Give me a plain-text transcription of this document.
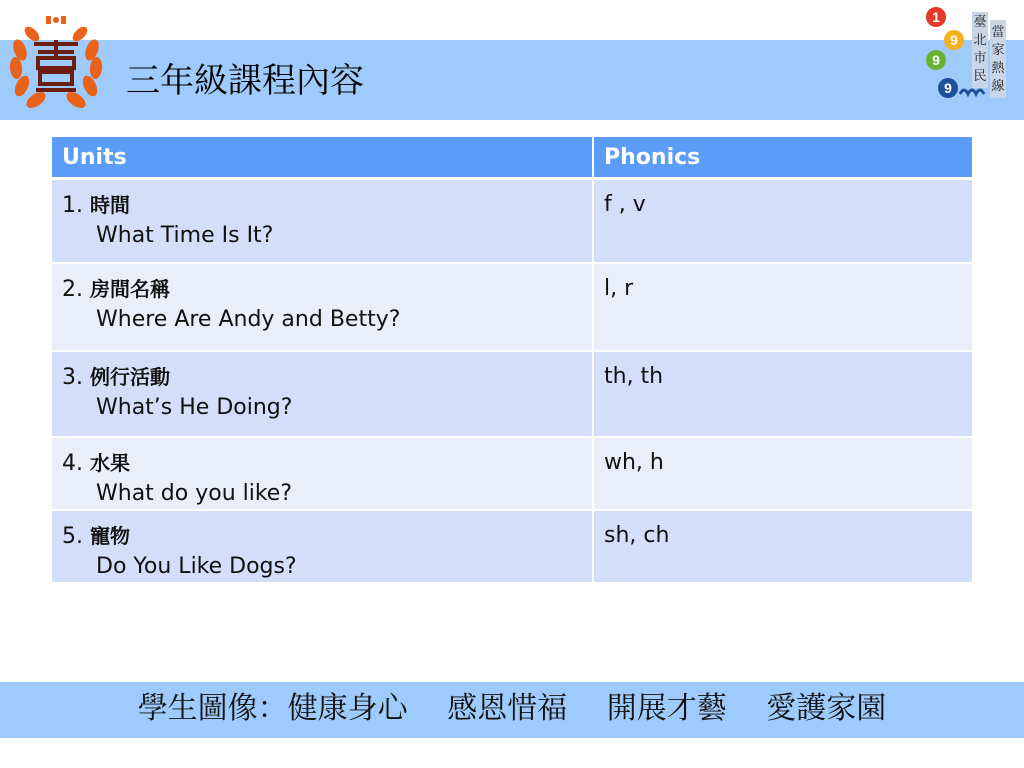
三年級課程內容
1
9
9
9
臺
北
市
民
當
家
熱
線
Units	Phonics
1. 時間
What Time Is It?	f , v
2. 房間名稱
Where Are Andy and Betty?	l, r
3. 例行活動
What’s He Doing?	th, th
4. 水果
What do you like?	wh, h
5. 寵物
Do You Like Dogs?	sh, ch
學生圖像：健康身心　 感恩惜福　 開展才藝　 愛護家園
